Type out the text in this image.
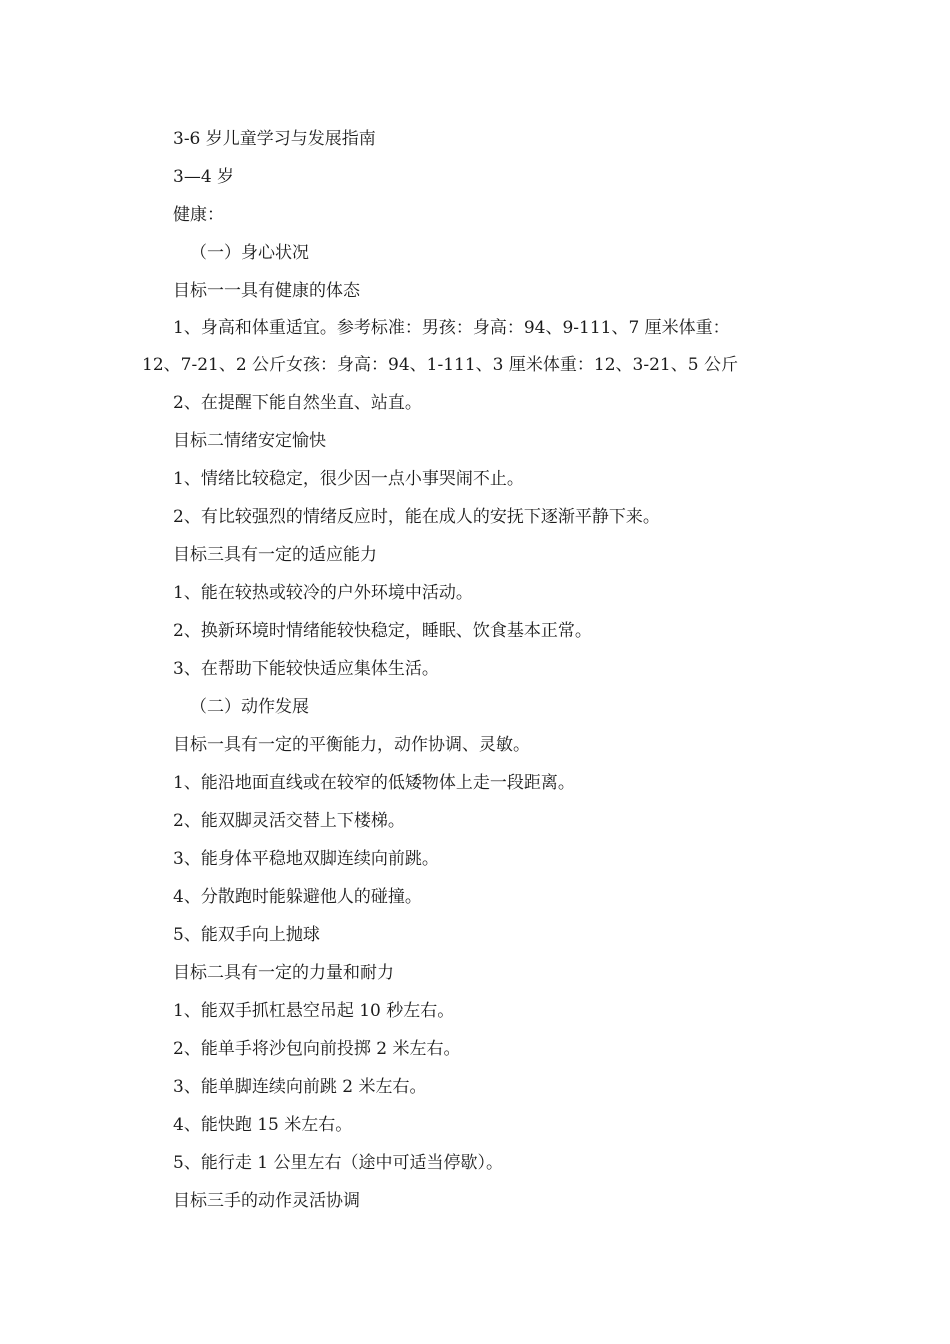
3-6 岁儿童学习与发展指南
3—4 岁
健康：
（一）身心状况
目标一一具有健康的体态
1、身高和体重适宜。参考标准：男孩：身高：94、9-111、7 厘米体重：
12、7-21、2 公斤女孩：身高：94、1-111、3 厘米体重：12、3-21、5 公斤
2、在提醒下能自然坐直、站直。
目标二情绪安定愉快
1、情绪比较稳定，很少因一点小事哭闹不止。
2、有比较强烈的情绪反应时，能在成人的安抚下逐渐平静下来。
目标三具有一定的适应能力
1、能在较热或较冷的户外环境中活动。
2、换新环境时情绪能较快稳定，睡眠、饮食基本正常。
3、在帮助下能较快适应集体生活。
（二）动作发展
目标一具有一定的平衡能力，动作协调、灵敏。
1、能沿地面直线或在较窄的低矮物体上走一段距离。
2、能双脚灵活交替上下楼梯。
3、能身体平稳地双脚连续向前跳。
4、分散跑时能躲避他人的碰撞。
5、能双手向上抛球
目标二具有一定的力量和耐力
1、能双手抓杠悬空吊起 10 秒左右。
2、能单手将沙包向前投掷 2 米左右。
3、能单脚连续向前跳 2 米左右。
4、能快跑 15 米左右。
5、能行走 1 公里左右（途中可适当停歇）。
目标三手的动作灵活协调
